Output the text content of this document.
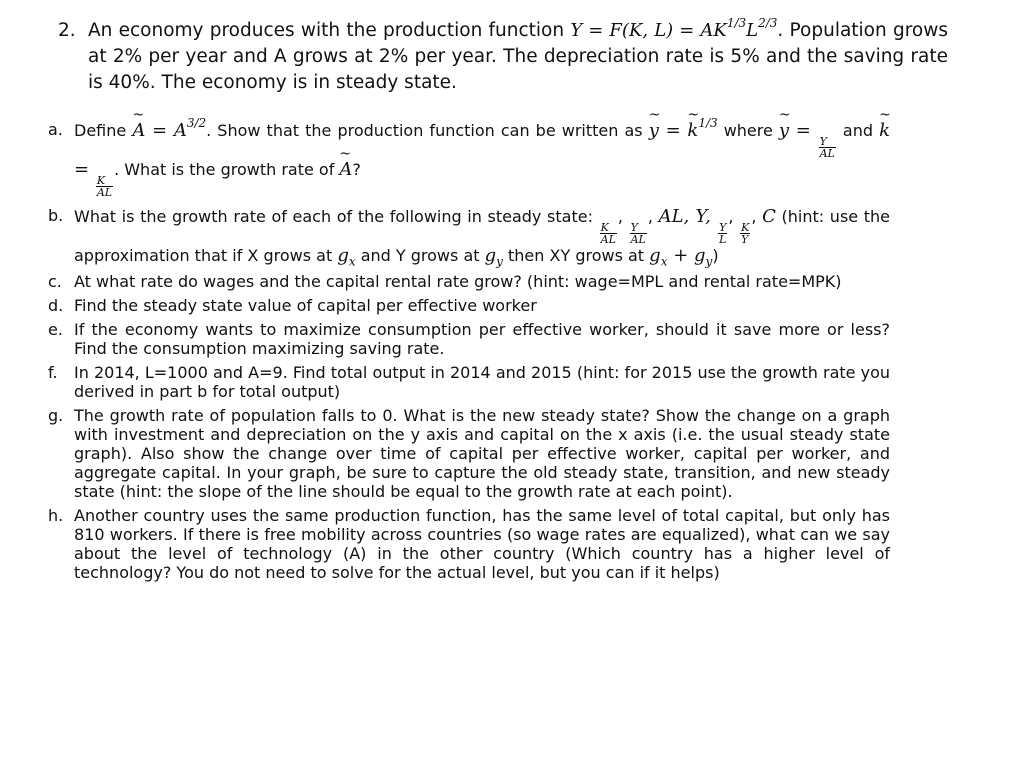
2. An economy produces with the production function Y = F(K, $L) = AK^{1/3}L^{2/3}$. Population grows at 2% per year and A grows at 2% per year. The depreciation rate is 5% and the saving rate is 40%. The economy is in steady state.
a. Define ~ $A = A^{3/2}$. Show that the production function can be written as ~ y = ~ $k^{1/3}$ where ~ y =
$\frac{Y}{AL}$
and ~ k =
$\frac{K}{AL}$
. What is the growth rate of ~ A?
b. What is the growth rate of each of the following in steady state:
$\frac{K}{AL}$
,
$\frac{Y}{AL}$
, AL, Y,
$\frac{Y}{L}$
,
$\frac{K}{Y}$
, C (hint: use the approximation that if X grows at $g_x$ and Y grows at $g_y$ then XY grows at $g_x + g_y$)
c. At what rate do wages and the capital rental rate grow? (hint: wage=MPL and rental rate=MPK)
d. Find the steady state value of capital per effective worker
e. If the economy wants to maximize consumption per effective worker, should it save more or less? Find the consumption maximizing saving rate.
f. In 2014, L=1000 and A=9. Find total output in 2014 and 2015 (hint: for 2015 use the growth rate you derived in part b for total output)
g. The growth rate of population falls to 0. What is the new steady state? Show the change on a graph with investment and depreciation on the y axis and capital on the x axis (i.e. the usual steady state graph). Also show the change over time of capital per effective worker, capital per worker, and aggregate capital. In your graph, be sure to capture the old steady state, transition, and new steady state (hint: the slope of the line should be equal to the growth rate at each point).
h. Another country uses the same production function, has the same level of total capital, but only has 810 workers. If there is free mobility across countries (so wage rates are equalized), what can we say about the level of technology (A) in the other country (Which country has a higher level of technology? You do not need to solve for the actual level, but you can if it helps)
